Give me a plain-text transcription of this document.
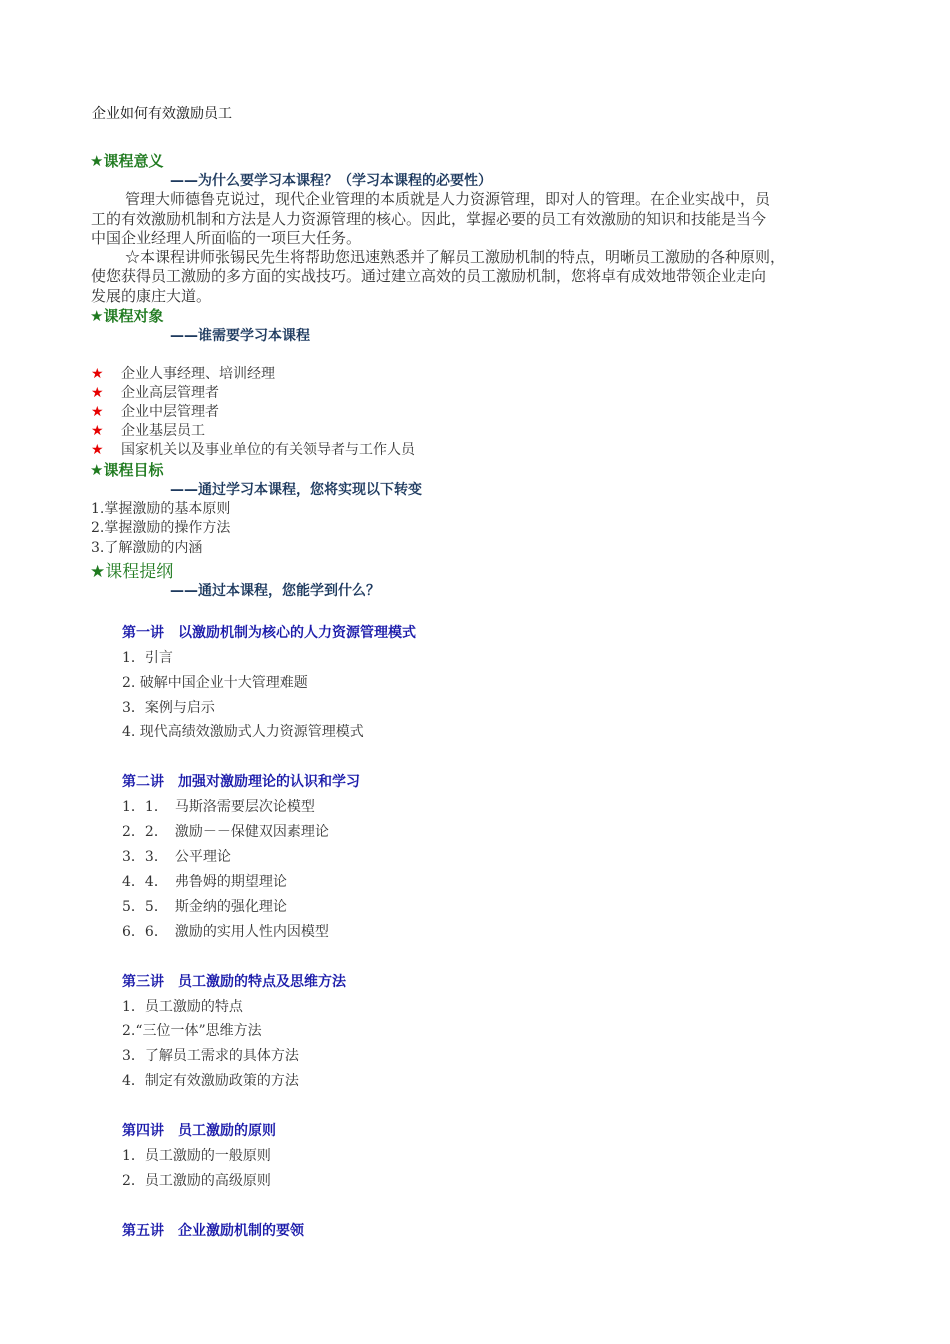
企业如何有效激励员工
★课程意义
——为什么要学习本课程？（学习本课程的必要性）
管理大师德鲁克说过，现代企业管理的本质就是人力资源管理，即对人的管理。在企业实战中，员
工的有效激励机制和方法是人力资源管理的核心。因此，掌握必要的员工有效激励的知识和技能是当今
中国企业经理人所面临的一项巨大任务。
☆本课程讲师张锡民先生将帮助您迅速熟悉并了解员工激励机制的特点，明晰员工激励的各种原则，
使您获得员工激励的多方面的实战技巧。通过建立高效的员工激励机制，您将卓有成效地带领企业走向
发展的康庄大道。
★课程对象
——谁需要学习本课程
★ 企业人事经理、培训经理
★ 企业高层管理者
★ 企业中层管理者
★ 企业基层员工
★ 国家机关以及事业单位的有关领导者与工作人员
★课程目标
——通过学习本课程，您将实现以下转变
1.掌握激励的基本原则
2.掌握激励的操作方法
3.了解激励的内涵
★课程提纲
——通过本课程，您能学到什么？
第一讲　以激励机制为核心的人力资源管理模式
1．引言
2. 破解中国企业十大管理难题
3．案例与启示
4. 现代高绩效激励式人力资源管理模式
第二讲　加强对激励理论的认识和学习
1．1．　马斯洛需要层次论模型
2．2．　激励－－保健双因素理论
3．3．　公平理论
4．4．　弗鲁姆的期望理论
5．5．　斯金纳的强化理论
6．6．　激励的实用人性内因模型
第三讲　员工激励的特点及思维方法
1．员工激励的特点
2.“三位一体”思维方法
3．了解员工需求的具体方法
4．制定有效激励政策的方法
第四讲　员工激励的原则
1．员工激励的一般原则
2．员工激励的高级原则
第五讲　企业激励机制的要领
